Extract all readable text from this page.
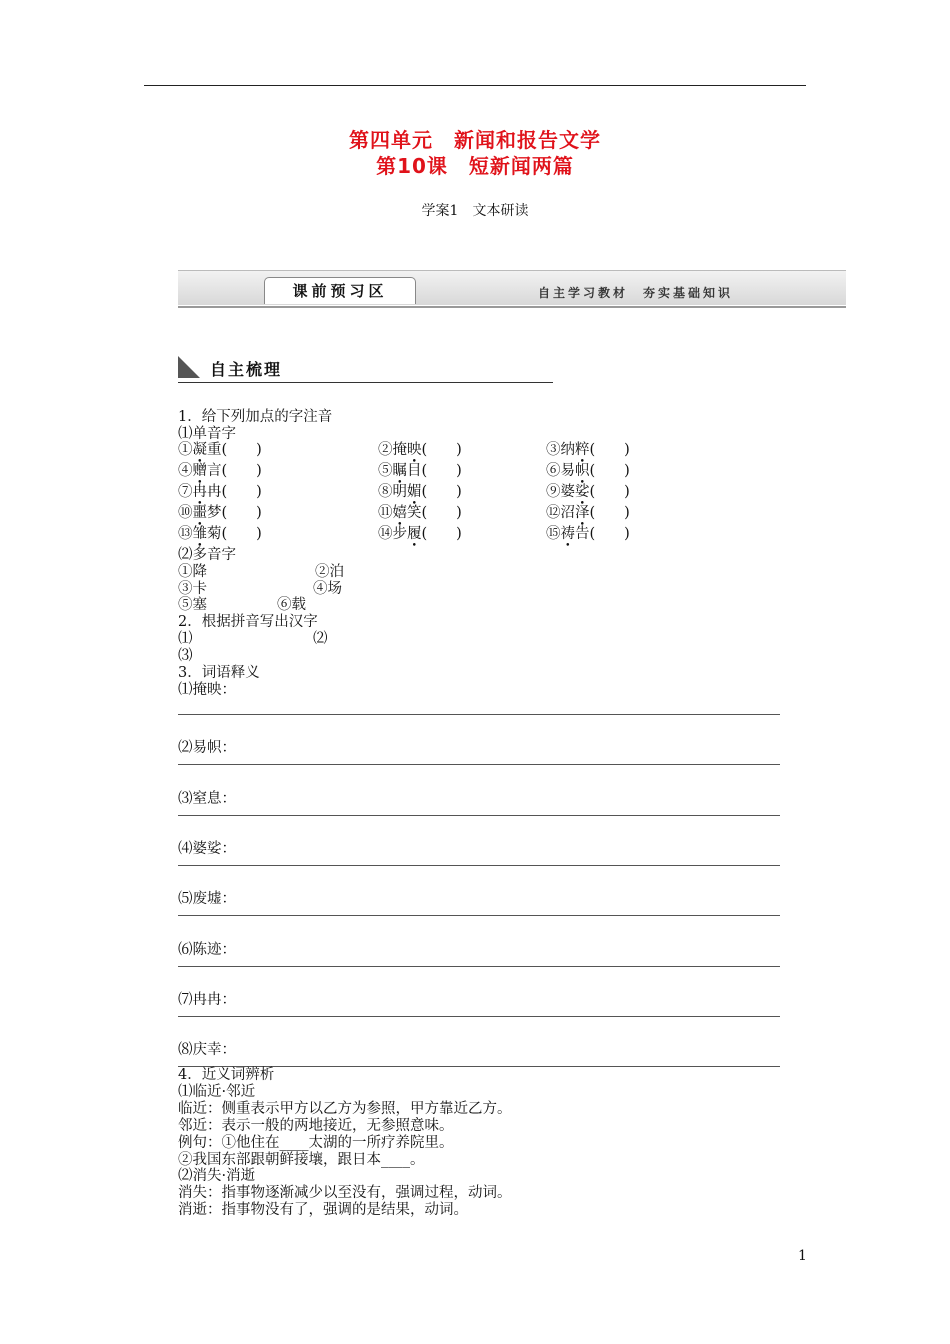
第四单元　新闻和报告文学
第10课　短新闻两篇
学案1　文本研读
课前预习区	自主学习教材　夯实基础知识
自主梳理
1．给下列加点的字注音
⑴单音字
①凝重(　　)	②掩映(　　)	③纳粹(　　)
④赠言(　　)	⑤瞩目(　　)	⑥易帜(　　)
⑦冉冉(　　)	⑧明媚(　　)	⑨婆娑(　　)
⑩噩梦(　　)	⑪嬉笑(　　)	⑫沼泽(　　)
⑬雏菊(　　)	⑭步履(　　)	⑮祷告(　　)
⑵多音字
①降	②泊
③卡	④场
⑤塞	⑥载
2．根据拼音写出汉字
⑴	⑵
⑶
3．词语释义
⑴掩映：
⑵易帜：
⑶窒息：
⑷婆娑：
⑸废墟：
⑹陈迹：
⑺冉冉：
⑻庆幸：
4．近义词辨析
⑴临近·邻近
临近：侧重表示甲方以乙方为参照，甲方靠近乙方。
邻近：表示一般的两地接近，无参照意味。
例句：①他住在____太湖的一所疗养院里。
②我国东部跟朝鲜接壤，跟日本____。
⑵消失·消逝
消失：指事物逐渐减少以至没有，强调过程，动词。
消逝：指事物没有了，强调的是结果，动词。
1
